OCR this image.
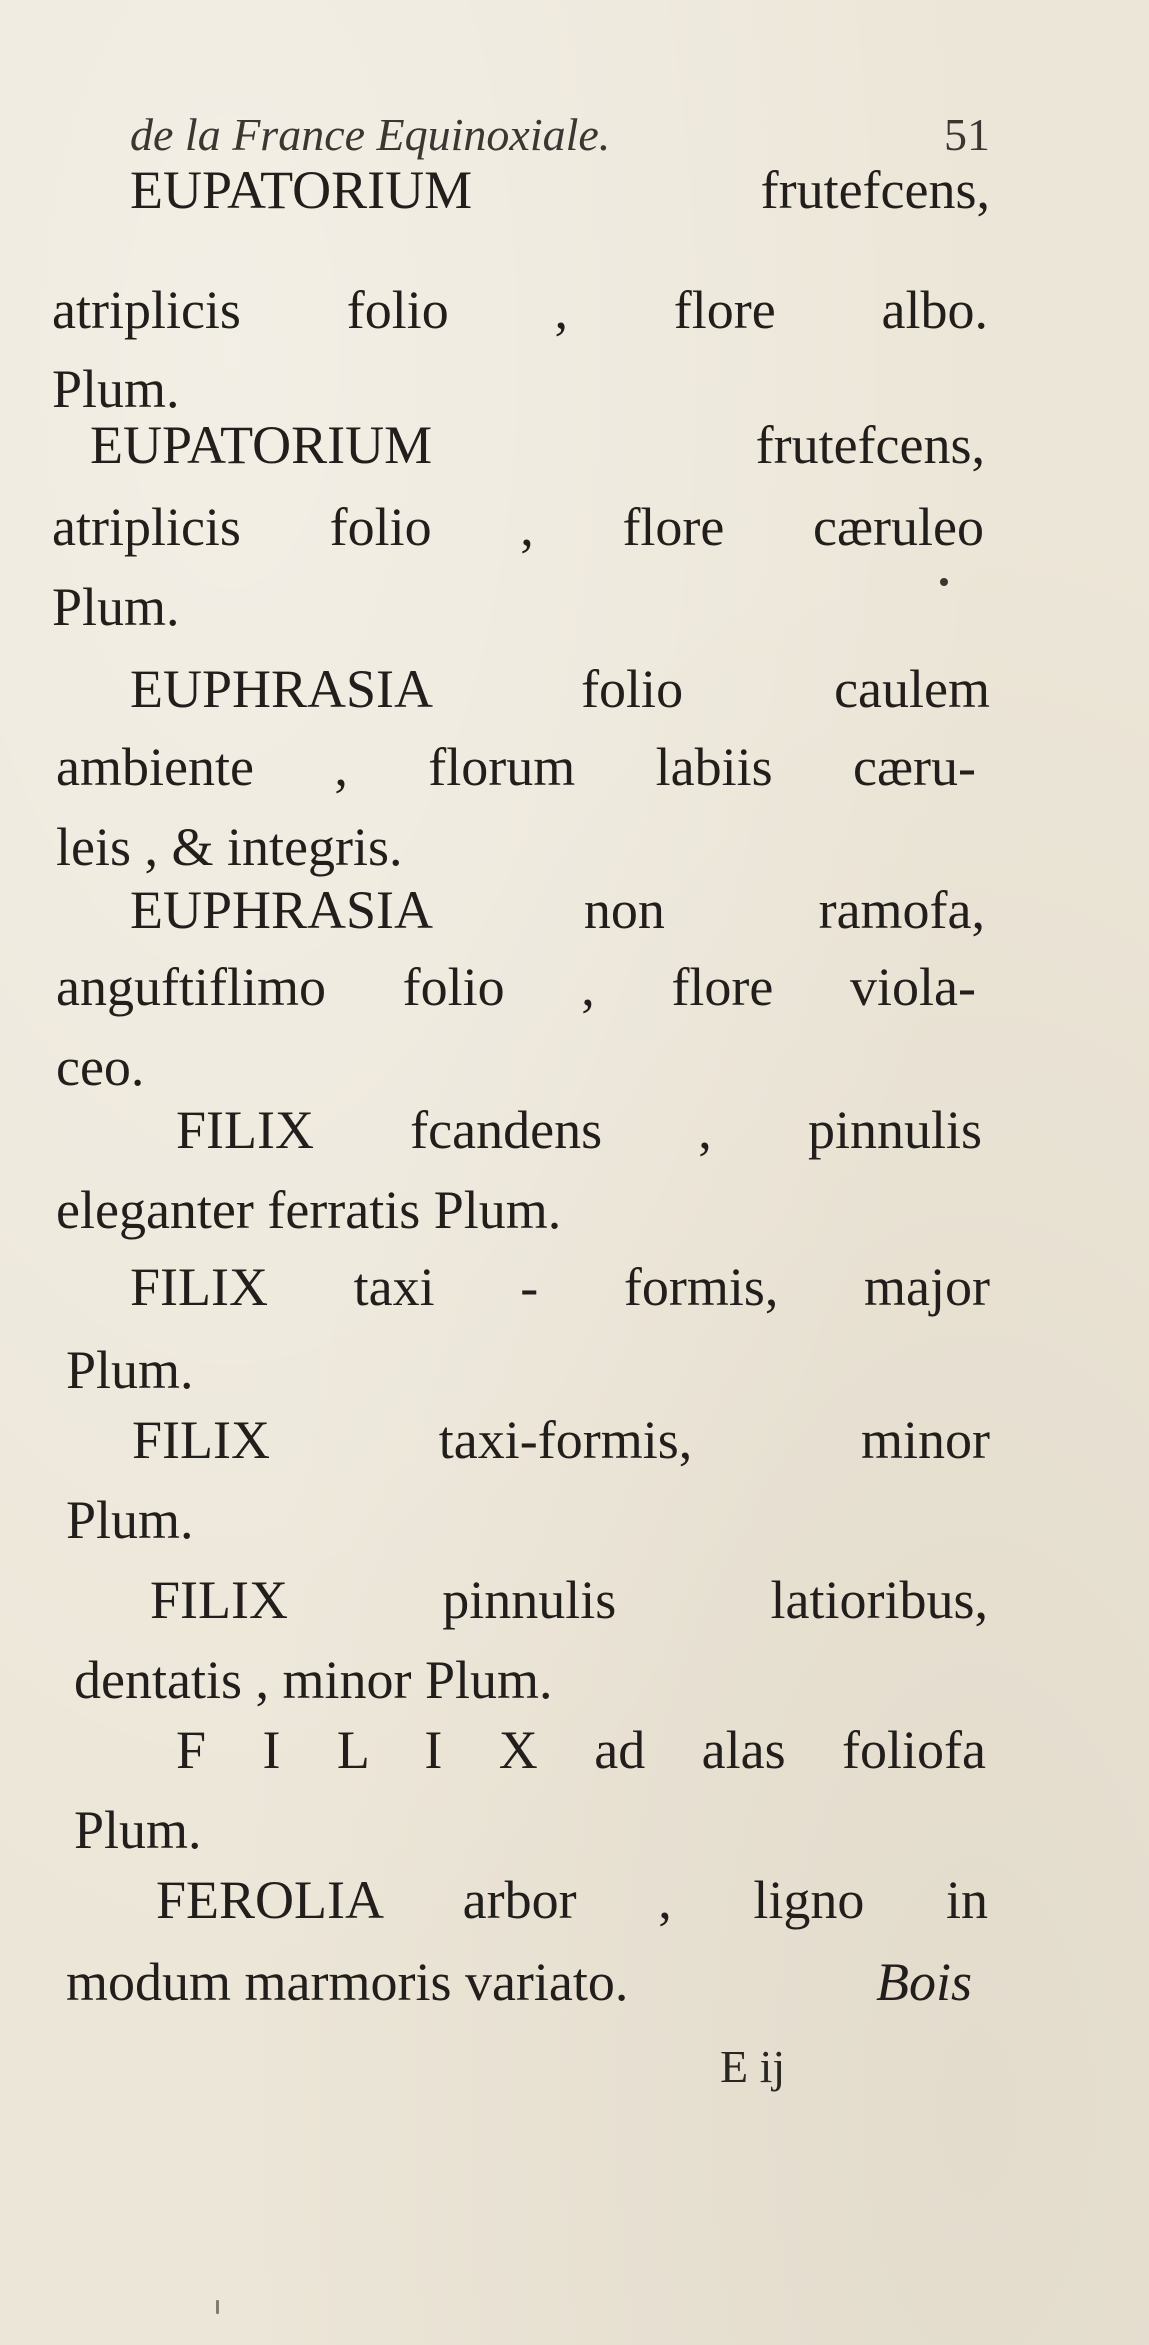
de la France Equinoxiale.	51
EUPATORIUM frutefcens,
atriplicis folio , flore albo.
Plum.
EUPATORIUM frutefcens,
atriplicis folio , flore cæruleo
Plum.
EUPHRASIA folio caulem
ambiente , florum labiis cæru-
leis , & integris.
EUPHRASIA non ramofa,
anguftiflimo folio , flore viola-
ceo.
FILIX fcandens , pinnulis
eleganter ferratis Plum.
FILIX taxi - formis, major
Plum.
FILIX taxi-formis, minor
Plum.
FILIX pinnulis latioribus,
dentatis , minor Plum.
F I L I X ad alas foliofa
Plum.
FEROLIA arbor , ligno in
modum marmoris variato.	Bois
E ij
